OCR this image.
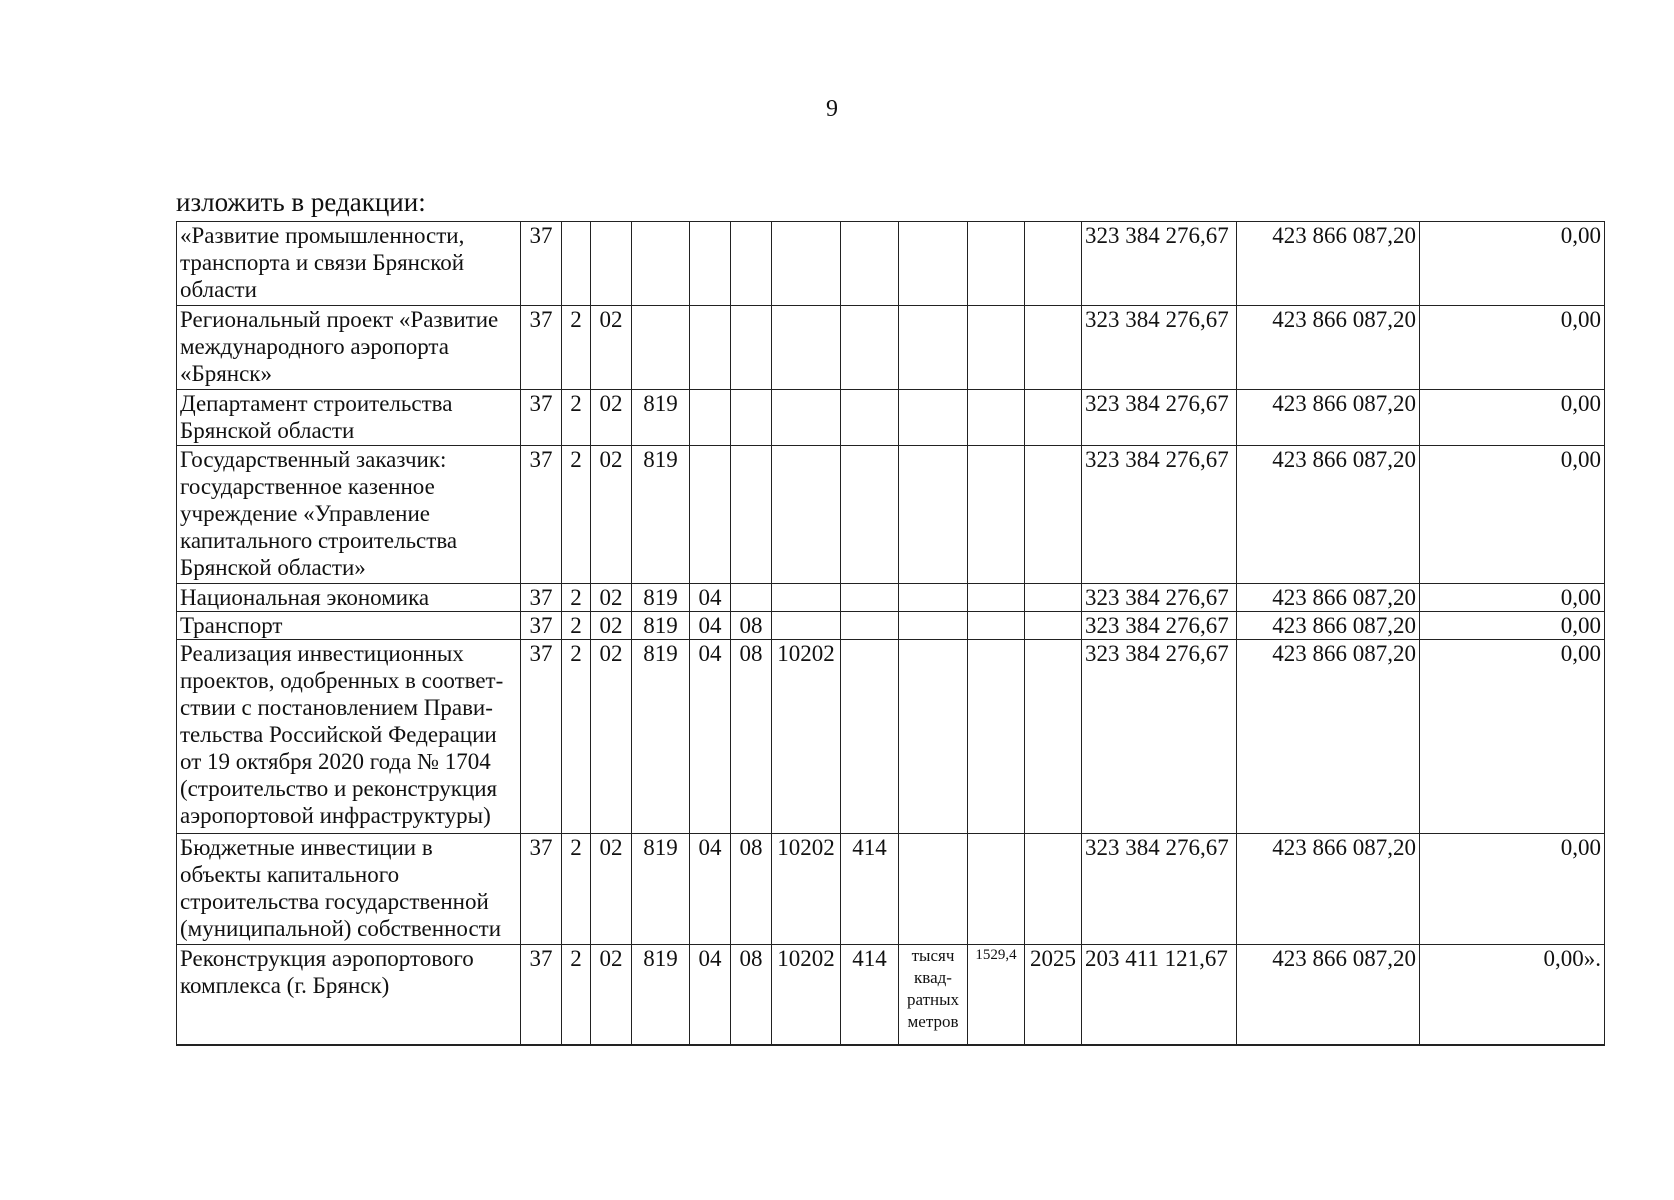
9
изложить в редакции:
«Развитие промышленности, транспорта и связи Брянской области	37											323 384 276,67	423 866 087,20	0,00
Региональный проект «Развитие международного аэропорта «Брянск»	37	2	02									323 384 276,67	423 866 087,20	0,00
Департамент строительства Брянской области	37	2	02	819								323 384 276,67	423 866 087,20	0,00
Государственный заказчик: государственное казенное учреждение «Управление капитального строительства Брянской области»	37	2	02	819								323 384 276,67	423 866 087,20	0,00
Национальная экономика	37	2	02	819	04							323 384 276,67	423 866 087,20	0,00
Транспорт	37	2	02	819	04	08						323 384 276,67	423 866 087,20	0,00
Реализация инвестиционных проектов, одобренных в соответ-ствии с постановлением Прави-тельства Российской Федерации от 19 октября 2020 года № 1704 (строительство и реконструкция аэропортовой инфраструктуры)	37	2	02	819	04	08	10202					323 384 276,67	423 866 087,20	0,00
Бюджетные инвестиции в объекты капитального строительства государственной (муниципальной) собственности	37	2	02	819	04	08	10202	414				323 384 276,67	423 866 087,20	0,00
Реконструкция аэропортового комплекса (г. Брянск)	37	2	02	819	04	08	10202	414	тысяч квад-ратных метров	1529,4	2025	203 411 121,67	423 866 087,20	0,00».
